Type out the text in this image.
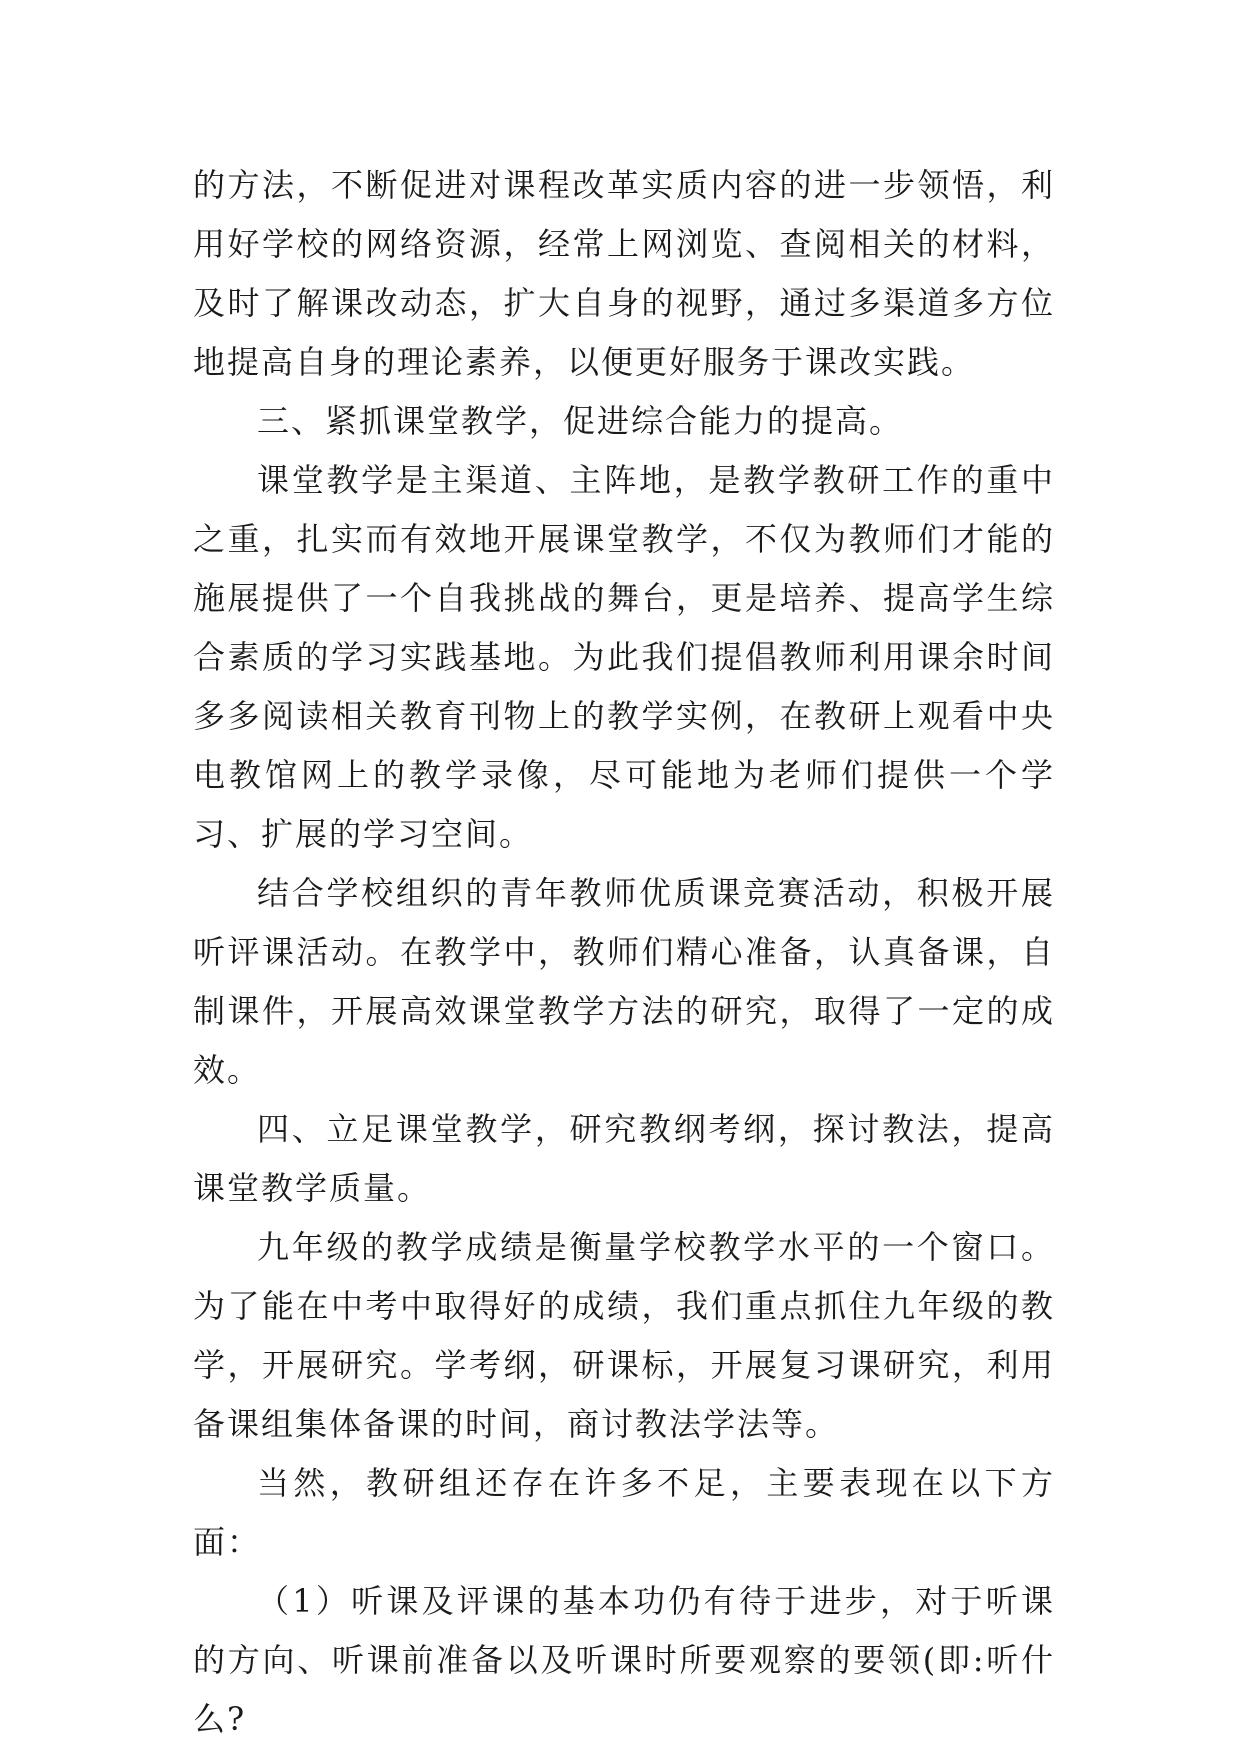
的方法，不断促进对课程改革实质内容的进一步领悟，利用好学校的网络资源，经常上网浏览、查阅相关的材料，及时了解课改动态，扩大自身的视野，通过多渠道多方位地提高自身的理论素养，以便更好服务于课改实践。

三、紧抓课堂教学，促进综合能力的提高。

课堂教学是主渠道、主阵地，是教学教研工作的重中之重，扎实而有效地开展课堂教学，不仅为教师们才能的施展提供了一个自我挑战的舞台，更是培养、提高学生综合素质的学习实践基地。为此我们提倡教师利用课余时间多多阅读相关教育刊物上的教学实例，在教研上观看中央电教馆网上的教学录像，尽可能地为老师们提供一个学习、扩展的学习空间。

结合学校组织的青年教师优质课竞赛活动，积极开展听评课活动。在教学中，教师们精心准备，认真备课，自制课件，开展高效课堂教学方法的研究，取得了一定的成效。

四、立足课堂教学，研究教纲考纲，探讨教法，提高课堂教学质量。

九年级的教学成绩是衡量学校教学水平的一个窗口。为了能在中考中取得好的成绩，我们重点抓住九年级的教学，开展研究。学考纲，研课标，开展复习课研究，利用备课组集体备课的时间，商讨教法学法等。

当然，教研组还存在许多不足，主要表现在以下方面：

（1）听课及评课的基本功仍有待于进步，对于听课的方向、听课前准备以及听课时所要观察的要领(即:听什么?
